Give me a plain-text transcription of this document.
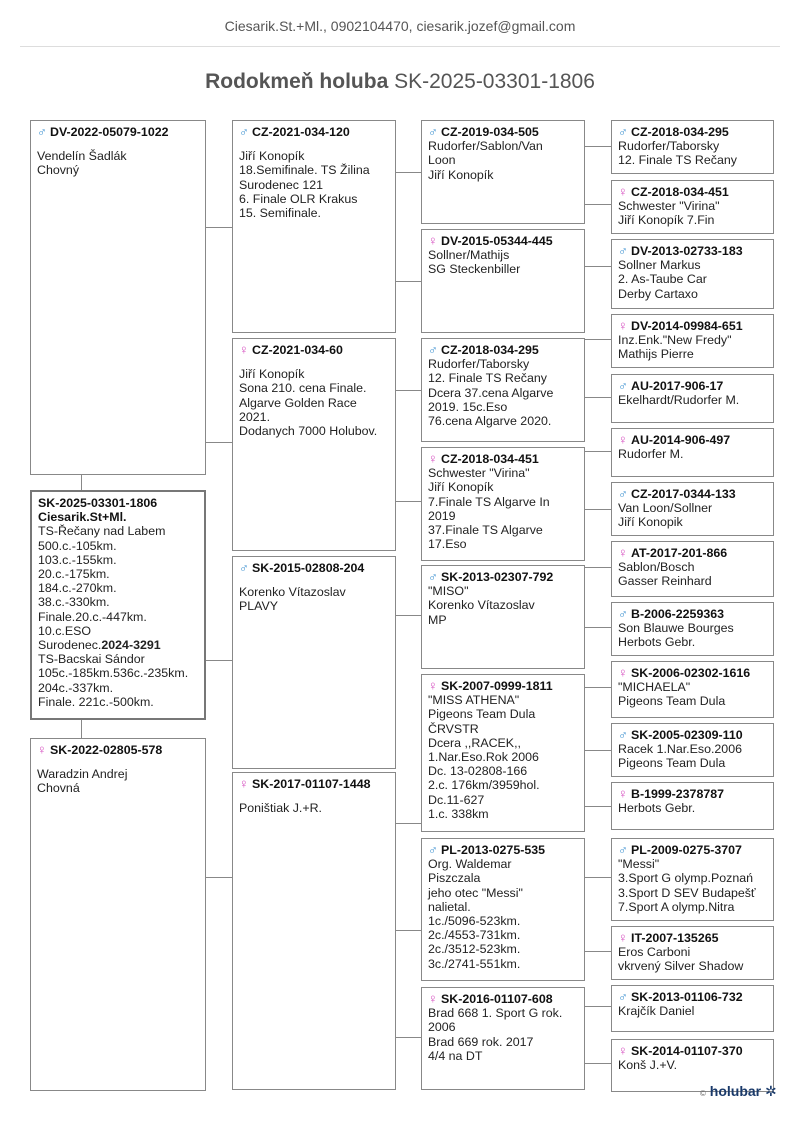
Ciesarik.St.+Ml., 0902104470, ciesarik.jozef@gmail.com
Rodokmeň holuba SK-2025-03301-1806
SK-2025-03301-1806
Ciesarik.St+Ml.
TS-Řečany nad Labem
500.c.-105km.
103.c.-155km.
20.c.-175km.
184.c.-270km.
38.c.-330km.
Finale.20.c.-447km.
10.c.ESO
Surodenec.2024-3291
TS-Bacskai Sándor
105c.-185km.536c.-235km.
204c.-337km.
Finale. 221c.-500km.
♂ DV-2022-05079-1022
Vendelín Šadlák
Chovný
♀ SK-2022-02805-578
Waradzin Andrej
Chovná
♂ CZ-2021-034-120
Jiří Konopík
18.Semifinale. TS Žilina
Surodenec 121
6. Finale OLR Krakus
15. Semifinale.
♀ CZ-2021-034-60
Jiří Konopík
Sona 210. cena Finale.
Algarve Golden Race
2021.
Dodanych 7000 Holubov.
♂ SK-2015-02808-204
Korenko Vítazoslav
PLAVY
♀ SK-2017-01107-1448
Poništiak J.+R.
♂ CZ-2019-034-505
Rudorfer/Sablon/Van
Loon
Jiří Konopík
♀ DV-2015-05344-445
Sollner/Mathijs
SG Steckenbiller
♂ CZ-2018-034-295
Rudorfer/Taborsky
12. Finale TS Rečany
Dcera 37.cena Algarve
2019. 15c.Eso
76.cena Algarve 2020.
♀ CZ-2018-034-451
Schwester "Virina"
Jiří Konopík
7.Finale TS Algarve In
2019
37.Finale TS Algarve
17.Eso
♂ SK-2013-02307-792
"MISO"
Korenko Vítazoslav
MP
♀ SK-2007-0999-1811
"MISS ATHENA"
Pigeons Team Dula
ČRVSTR
Dcera ,,RACEK,,
1.Nar.Eso.Rok 2006
Dc. 13-02808-166
2.c. 176km/3959hol.
Dc.11-627
1.c. 338km
♂ PL-2013-0275-535
Org. Waldemar
Piszczala
jeho otec "Messi"
nalietal.
1c./5096-523km.
2c./4553-731km.
2c./3512-523km.
3c./2741-551km.
♀ SK-2016-01107-608
Brad 668 1. Sport G rok.
2006
Brad 669 rok. 2017
4/4 na DT
♂ CZ-2018-034-295
Rudorfer/Taborsky
12. Finale TS Rečany
♀ CZ-2018-034-451
Schwester "Virina"
Jiří Konopík 7.Fin
♂ DV-2013-02733-183
Sollner Markus
2. As-Taube Car
Derby Cartaxo
♀ DV-2014-09984-651
Inz.Enk."New Fredy"
Mathijs Pierre
♂ AU-2017-906-17
Ekelhardt/Rudorfer M.
♀ AU-2014-906-497
Rudorfer M.
♂ CZ-2017-0344-133
Van Loon/Sollner
Jiří Konopik
♀ AT-2017-201-866
Sablon/Bosch
Gasser Reinhard
♂ B-2006-2259363
Son Blauwe Bourges
Herbots Gebr.
♀ SK-2006-02302-1616
"MICHAELA"
Pigeons Team Dula
♂ SK-2005-02309-110
Racek 1.Nar.Eso.2006
Pigeons Team Dula
♀ B-1999-2378787
Herbots Gebr.
♂ PL-2009-0275-3707
"Messi"
3.Sport G olymp.Poznań
3.Sport D SEV Budapešť
7.Sport A olymp.Nitra
♀ IT-2007-135265
Eros Carboni
vkrvený Silver Shadow
♂ SK-2013-01106-732
Krajčík Daniel
♀ SK-2014-01107-370
Konš J.+V.
© holubar ✲
